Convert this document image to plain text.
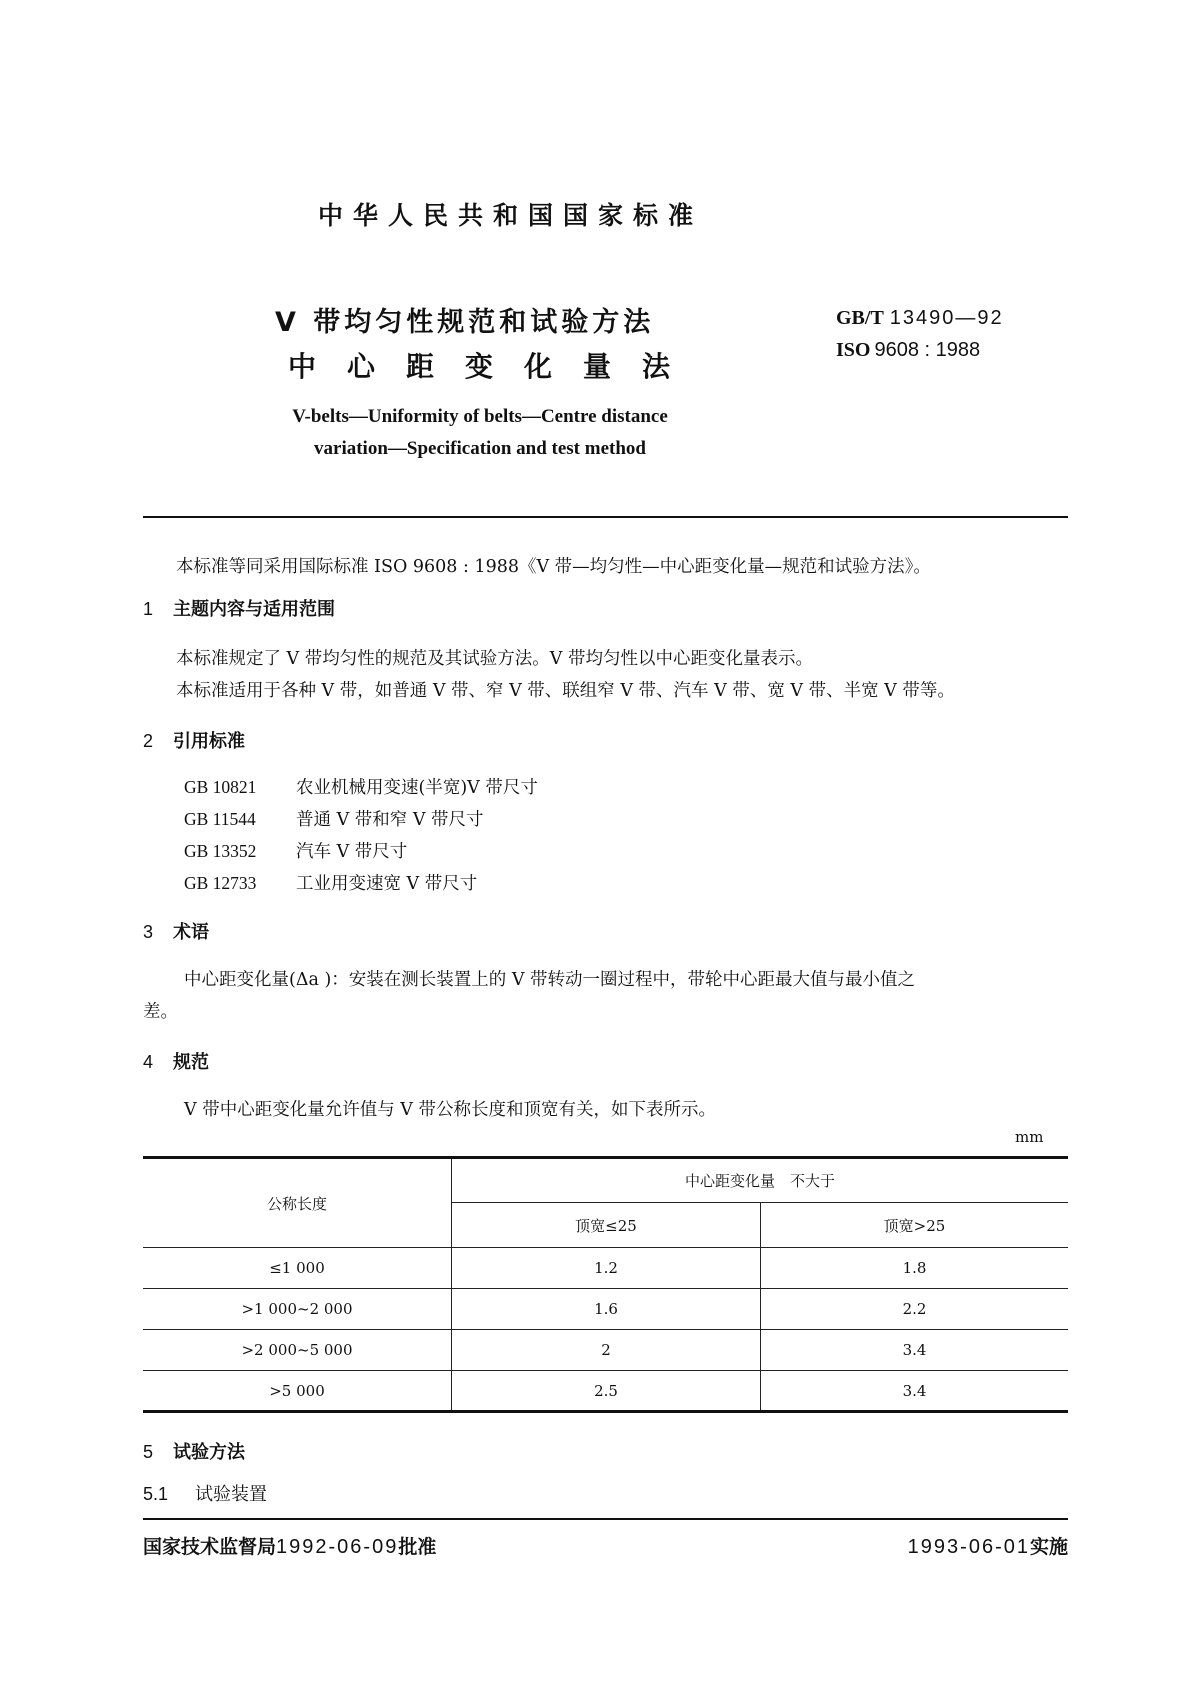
中华人民共和国国家标准
V 带均匀性规范和试验方法
中心距变化量法
GB/T 13490—92
ISO 9608 : 1988
V-belts—Uniformity of belts—Centre distance
variation—Specification and test method
本标准等同采用国际标准 ISO 9608 : 1988《V 带—均匀性—中心距变化量—规范和试验方法》。
1 主题内容与适用范围
本标准规定了 V 带均匀性的规范及其试验方法。V 带均匀性以中心距变化量表示。
本标准适用于各种 V 带，如普通 V 带、窄 V 带、联组窄 V 带、汽车 V 带、宽 V 带、半宽 V 带等。
2 引用标准
GB 10821 农业机械用变速(半宽)V 带尺寸
GB 11544 普通 V 带和窄 V 带尺寸
GB 13352 汽车 V 带尺寸
GB 12733 工业用变速宽 V 带尺寸
3 术语
中心距变化量(Δa )：安装在测长装置上的 V 带转动一圈过程中，带轮中心距最大值与最小值之
差。
4 规范
V 带中心距变化量允许值与 V 带公称长度和顶宽有关，如下表所示。
mm
公称长度	中心距变化量　不大于	
	顶宽≤25	顶宽>25
≤1 000	1.2	1.8
>1 000~2 000	1.6	2.2
>2 000~5 000	2	3.4
>5 000	2.5	3.4
5 试验方法
5.1 试验装置
国家技术监督局1992-06-09批准	1993-06-01实施
